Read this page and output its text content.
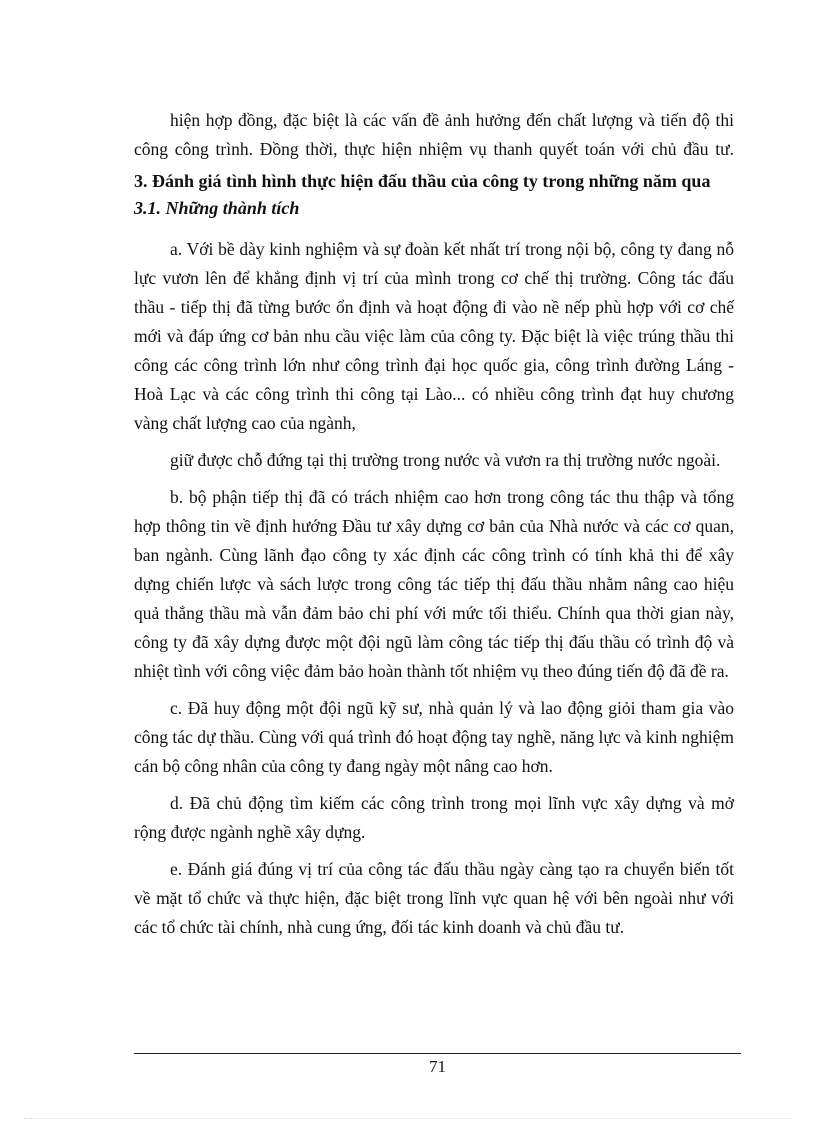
hiện hợp đồng, đặc biệt là các vấn đề ảnh hưởng đến chất lượng và tiến độ thi công công trình. Đồng thời, thực hiện nhiệm vụ thanh quyết toán với chủ đầu tư.

3. Đánh giá tình hình thực hiện đấu thầu của công ty trong những năm qua

3.1. Những thành tích

a. Với bề dày kinh nghiệm và sự đoàn kết nhất trí trong nội bộ, công ty đang nỗ lực vươn lên để khẳng định vị trí của mình trong cơ chế thị trường. Công tác đấu thầu - tiếp thị đã từng bước ổn định và hoạt động đi vào nề nếp phù hợp với cơ chế mới và đáp ứng cơ bản nhu cầu việc làm của công ty. Đặc biệt là việc trúng thầu thi công các công trình lớn như công trình đại học quốc gia, công trình đường Láng - Hoà Lạc và các công trình thi công tại Lào... có nhiều công trình đạt huy chương vàng chất lượng cao của ngành,

giữ được chỗ đứng tại thị trường trong nước và vươn ra thị trường nước ngoài.

b. bộ phận tiếp thị đã có trách nhiệm cao hơn trong công tác thu thập và tổng hợp thông tin về định hướng Đầu tư xây dựng cơ bản của Nhà nước và các cơ quan, ban ngành. Cùng lãnh đạo công ty xác định các công trình có tính khả thi để xây dựng chiến lược và sách lược trong công tác tiếp thị đấu thầu nhằm nâng cao hiệu quả thắng thầu mà vẫn đảm bảo chi phí với mức tối thiểu. Chính qua thời gian này, công ty đã xây dựng được một đội ngũ làm công tác tiếp thị đấu thầu có trình độ và nhiệt tình với công việc đảm bảo hoàn thành tốt nhiệm vụ theo đúng tiến độ đã đề ra.

c. Đã huy động một đội ngũ kỹ sư, nhà quản lý và lao động giỏi tham gia vào công tác dự thầu. Cùng với quá trình đó hoạt động tay nghề, năng lực và kinh nghiệm cán bộ công nhân của công ty đang ngày một nâng cao hơn.

d. Đã chủ động tìm kiếm các công trình trong mọi lĩnh vực xây dựng và mở rộng được ngành nghề xây dựng.

e. Đánh giá đúng vị trí của công tác đấu thầu ngày càng tạo ra chuyển biến tốt về mặt tổ chức và thực hiện, đặc biệt trong lĩnh vực quan hệ với bên ngoài như với các tổ chức tài chính, nhà cung ứng, đối tác kinh doanh và chủ đầu tư.

71
